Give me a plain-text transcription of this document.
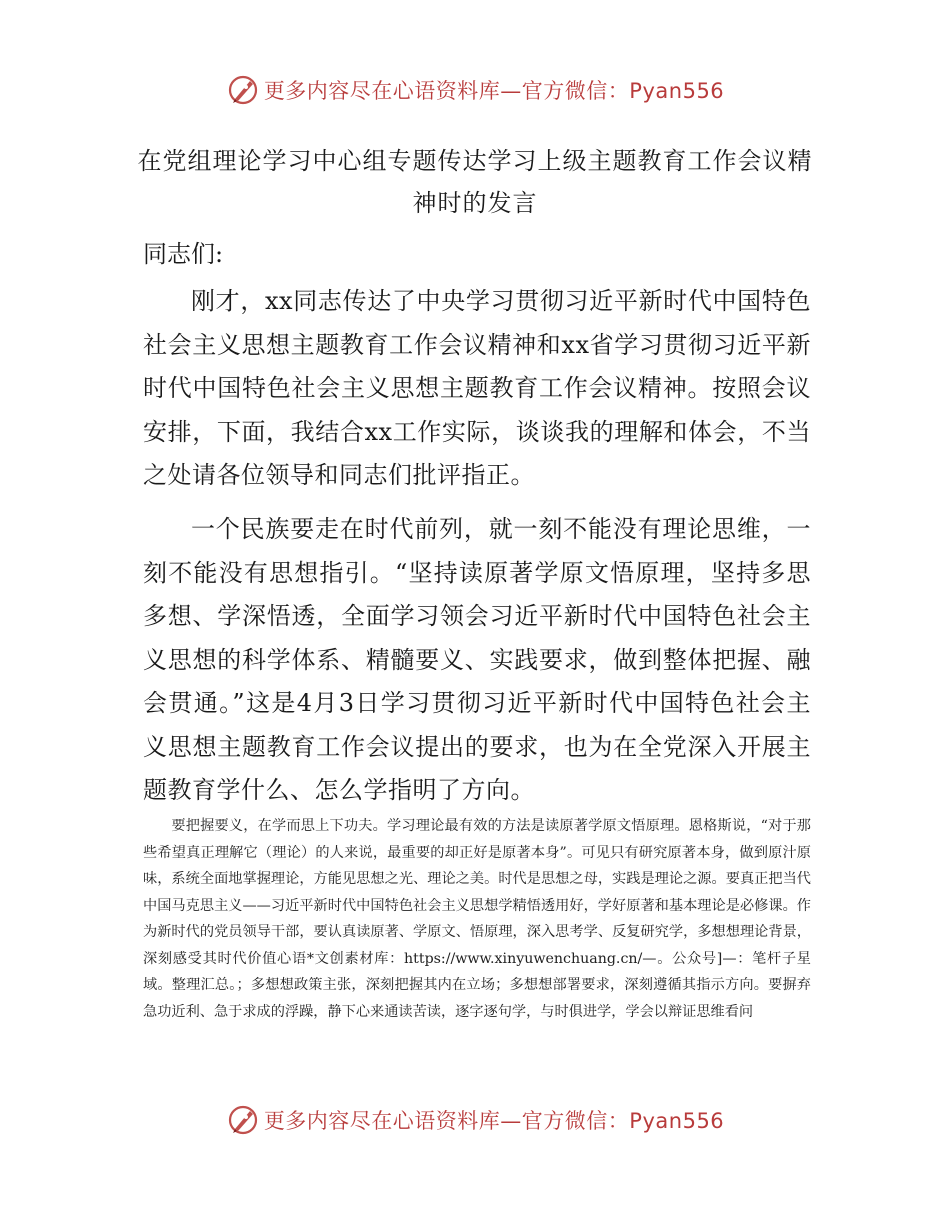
更多内容尽在心语资料库—官方微信：Pyan556
在党组理论学习中心组专题传达学习上级主题教育工作会议精神时的发言
同志们:
刚才，xx同志传达了中央学习贯彻习近平新时代中国特色社会主义思想主题教育工作会议精神和xx省学习贯彻习近平新时代中国特色社会主义思想主题教育工作会议精神。按照会议安排，下面，我结合xx工作实际，谈谈我的理解和体会，不当之处请各位领导和同志们批评指正。
一个民族要走在时代前列，就一刻不能没有理论思维，一刻不能没有思想指引。“坚持读原著学原文悟原理，坚持多思多想、学深悟透，全面学习领会习近平新时代中国特色社会主义思想的科学体系、精髓要义、实践要求，做到整体把握、融会贯通。”这是4月3日学习贯彻习近平新时代中国特色社会主义思想主题教育工作会议提出的要求，也为在全党深入开展主题教育学什么、怎么学指明了方向。
要把握要义，在学而思上下功夫。学习理论最有效的方法是读原著学原文悟原理。恩格斯说，“对于那些希望真正理解它（理论）的人来说，最重要的却正好是原著本身”。可见只有研究原著本身，做到原汁原味，系统全面地掌握理论，方能见思想之光、理论之美。时代是思想之母，实践是理论之源。要真正把当代中国马克思主义——习近平新时代中国特色社会主义思想学精悟透用好，学好原著和基本理论是必修课。作为新时代的党员领导干部，要认真读原著、学原文、悟原理，深入思考学、反复研究学，多想想理论背景，深刻感受其时代价值心语*文创素材库：https://www.xinyuwenchuang.cn/—。公众号]—：笔杆子星域。整理汇总。；多想想政策主张，深刻把握其内在立场；多想想部署要求，深刻遵循其指示方向。要摒弃急功近利、急于求成的浮躁，静下心来通读苦读，逐字逐句学，与时俱进学，学会以辩证思维看问
更多内容尽在心语资料库—官方微信：Pyan556
